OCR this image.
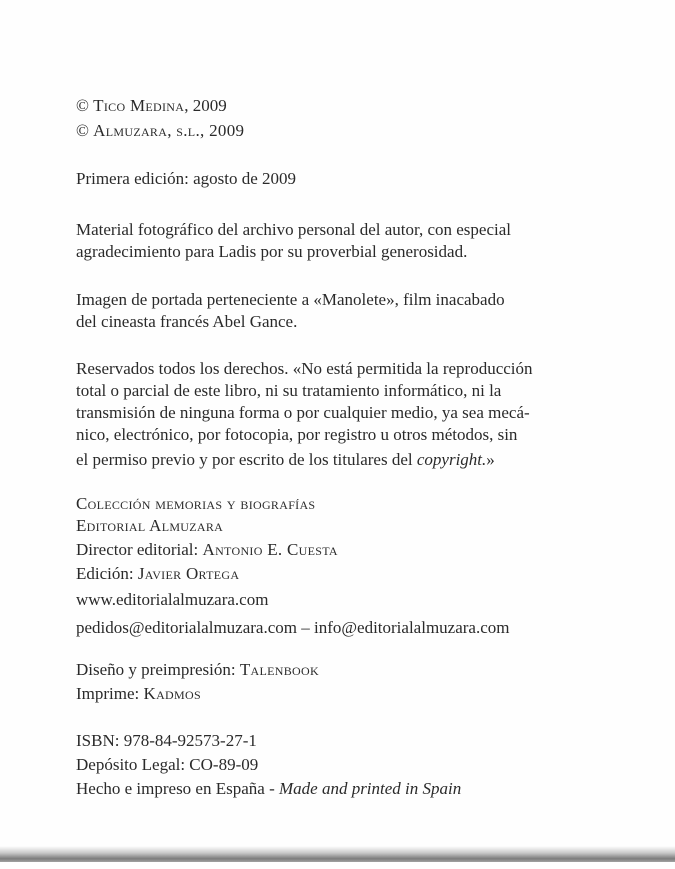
© Tico Medina, 2009
© Almuzara, s.l., 2009
Primera edición: agosto de 2009
Material fotográfico del archivo personal del autor, con especial
agradecimiento para Ladis por su proverbial generosidad.
Imagen de portada perteneciente a «Manolete», film inacabado
del cineasta francés Abel Gance.
Reservados todos los derechos. «No está permitida la reproducción
total o parcial de este libro, ni su tratamiento informático, ni la
transmisión de ninguna forma o por cualquier medio, ya sea mecá-
nico, electrónico, por fotocopia, por registro u otros métodos, sin
el permiso previo y por escrito de los titulares del copyright.»
Colección memorias y biografías
Editorial Almuzara
Director editorial: Antonio E. Cuesta
Edición: Javier Ortega
www.editorialalmuzara.com
pedidos@editorialalmuzara.com – info@editorialalmuzara.com
Diseño y preimpresión: Talenbook
Imprime: Kadmos
ISBN: 978-84-92573-27-1
Depósito Legal: CO-89-09
Hecho e impreso en España - Made and printed in Spain
